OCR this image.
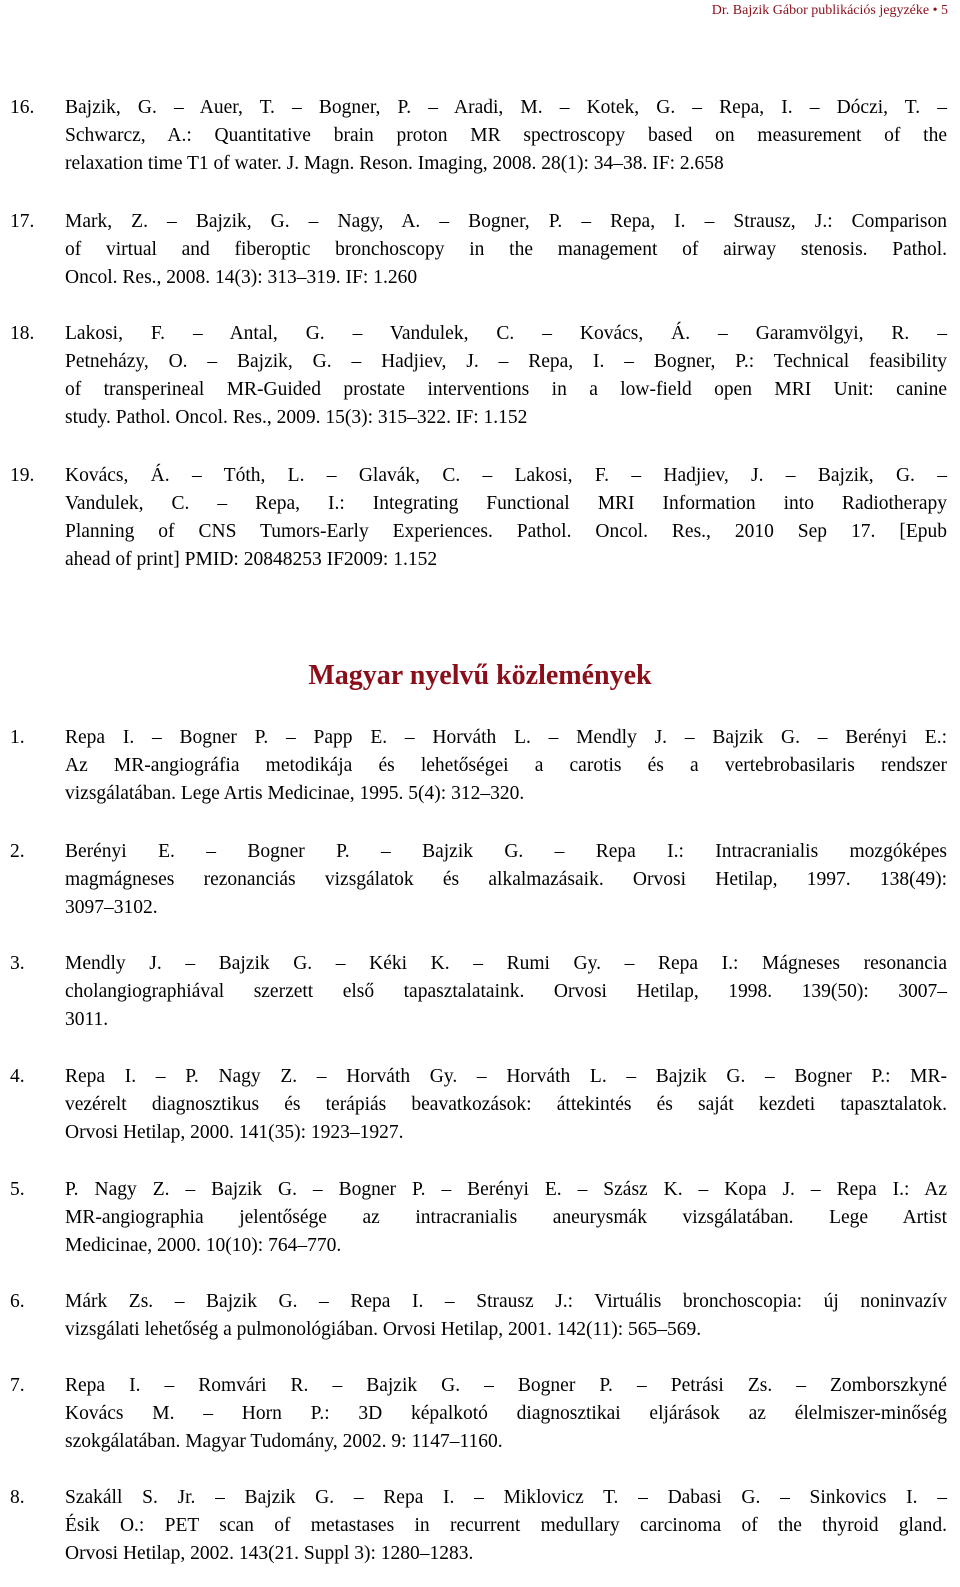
Dr. Bajzik Gábor publikációs jegyzéke • 5
16. Bajzik, G. – Auer, T. – Bogner, P. – Aradi, M. – Kotek, G. – Repa, I. – Dóczi, T. –
Schwarcz, A.: Quantitative brain proton MR spectroscopy based on measurement of the
relaxation time T1 of water. J. Magn. Reson. Imaging, 2008. 28(1): 34–38. IF: 2.658
17. Mark, Z. – Bajzik, G. – Nagy, A. – Bogner, P. – Repa, I. – Strausz, J.: Comparison
of virtual and fiberoptic bronchoscopy in the management of airway stenosis. Pathol.
Oncol. Res., 2008. 14(3): 313–319. IF: 1.260
18. Lakosi, F. – Antal, G. – Vandulek, C. – Kovács, Á. – Garamvölgyi, R. –
Petneházy, O. – Bajzik, G. – Hadjiev, J. – Repa, I. – Bogner, P.: Technical feasibility
of transperineal MR-Guided prostate interventions in a low-field open MRI Unit: canine
study. Pathol. Oncol. Res., 2009. 15(3): 315–322. IF: 1.152
19. Kovács, Á. – Tóth, L. – Glavák, C. – Lakosi, F. – Hadjiev, J. – Bajzik, G. –
Vandulek, C. – Repa, I.: Integrating Functional MRI Information into Radiotherapy
Planning of CNS Tumors-Early Experiences. Pathol. Oncol. Res., 2010 Sep 17. [Epub
ahead of print] PMID: 20848253 IF2009: 1.152
Magyar nyelvű közlemények
1. Repa I. – Bogner P. – Papp E. – Horváth L. – Mendly J. – Bajzik G. – Berényi E.:
Az MR-angiográfia metodikája és lehetőségei a carotis és a vertebrobasilaris rendszer
vizsgálatában. Lege Artis Medicinae, 1995. 5(4): 312–320.
2. Berényi E. – Bogner P. – Bajzik G. – Repa I.: Intracranialis mozgóképes
magmágneses rezonanciás vizsgálatok és alkalmazásaik. Orvosi Hetilap, 1997. 138(49):
3097–3102.
3. Mendly J. – Bajzik G. – Kéki K. – Rumi Gy. – Repa I.: Mágneses resonancia
cholangiographiával szerzett első tapasztalataink. Orvosi Hetilap, 1998. 139(50): 3007–
3011.
4. Repa I. – P. Nagy Z. – Horváth Gy. – Horváth L. – Bajzik G. – Bogner P.: MR-
vezérelt diagnosztikus és terápiás beavatkozások: áttekintés és saját kezdeti tapasztalatok.
Orvosi Hetilap, 2000. 141(35): 1923–1927.
5. P. Nagy Z. – Bajzik G. – Bogner P. – Berényi E. – Szász K. – Kopa J. – Repa I.: Az
MR-angiographia jelentősége az intracranialis aneurysmák vizsgálatában. Lege Artist
Medicinae, 2000. 10(10): 764–770.
6. Márk Zs. – Bajzik G. – Repa I. – Strausz J.: Virtuális bronchoscopia: új noninvazív
vizsgálati lehetőség a pulmonológiában. Orvosi Hetilap, 2001. 142(11): 565–569.
7. Repa I. – Romvári R. – Bajzik G. – Bogner P. – Petrási Zs. – Zomborszkyné
Kovács M. – Horn P.: 3D képalkotó diagnosztikai eljárások az élelmiszer-minőség
szokgálatában. Magyar Tudomány, 2002. 9: 1147–1160.
8. Szakáll S. Jr. – Bajzik G. – Repa I. – Miklovicz T. – Dabasi G. – Sinkovics I. –
Ésik O.: PET scan of metastases in recurrent medullary carcinoma of the thyroid gland.
Orvosi Hetilap, 2002. 143(21. Suppl 3): 1280–1283.
